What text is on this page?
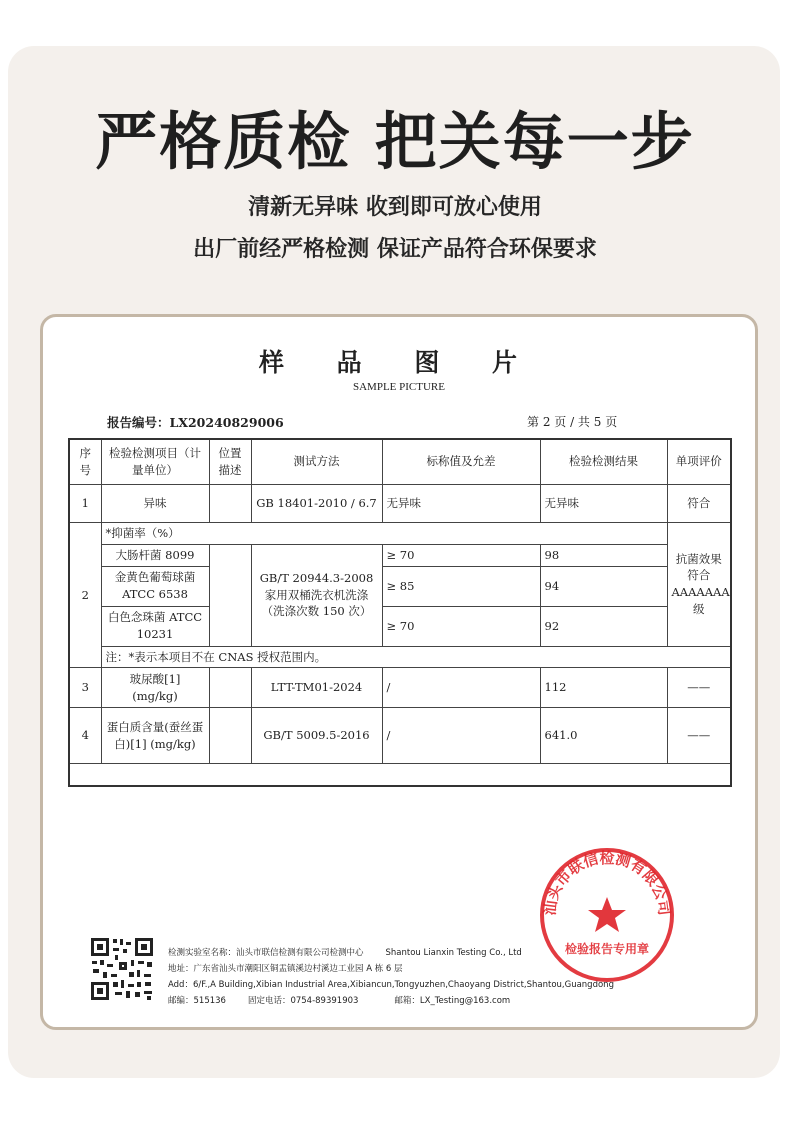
严格质检 把关每一步
清新无异味 收到即可放心使用
出厂前经严格检测 保证产品符合环保要求
样 品 图 片
SAMPLE PICTURE
报告编号：LX20240829006	第 2 页 / 共 5 页
序号	检验检测项目（计量单位）	位置描述	测试方法	标称值及允差	检验检测结果	单项评价
1	异味		GB 18401-2010 / 6.7	无异味	无异味	符合
2	*抑菌率（%）					抗菌效果符合AAAAAAA级
	大肠杆菌 8099		GB/T 20944.3-2008 家用双桶洗衣机洗涤（洗涤次数 150 次）	≥ 70	98	
	金黄色葡萄球菌 ATCC 6538			≥ 85	94	
	白色念珠菌 ATCC 10231			≥ 70	92	
	注：*表示本项目不在 CNAS 授权范围内。					
3	玻尿酸[1] (mg/kg)		LTT-TM01-2024	/	112	——
4	蛋白质含量(蚕丝蛋白)[1] (mg/kg)		GB/T 5009.5-2016	/	641.0	——

检测实验室名称：汕头市联信检测有限公司检测中心	Shantou Lianxin Testing Co., Ltd
地址：广东省汕头市潮阳区铜盂镇溪边村溪边工业园 A 栋 6 层
Add：6/F.,A Building,Xibian Industrial Area,Xibiancun,Tongyuzhen,Chaoyang District,Shantou,Guangdong
邮编：515136	固定电话：0754-89391903	邮箱：LX_Testing@163.com
汕头市联信检测有限公司
检验报告专用章
